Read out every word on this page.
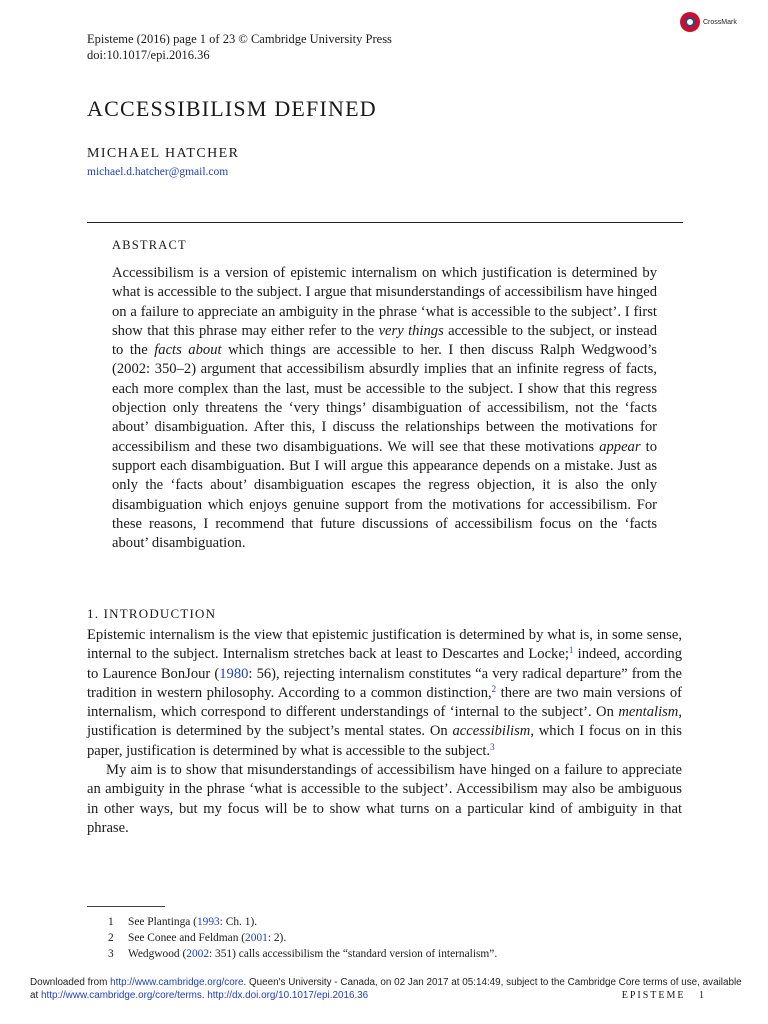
Episteme (2016) page 1 of 23 © Cambridge University Press
doi:10.1017/epi.2016.36
CrossMark
ACCESSIBILISM DEFINED
MICHAEL HATCHER
michael.d.hatcher@gmail.com
ABSTRACT

Accessibilism is a version of epistemic internalism on which justification is determined by what is accessible to the subject. I argue that misunderstandings of accessibilism have hinged on a failure to appreciate an ambiguity in the phrase ‘what is accessible to the subject’. I first show that this phrase may either refer to the very things accessible to the subject, or instead to the facts about which things are accessible to her. I then discuss Ralph Wedgwood’s (2002: 350–2) argument that accessibilism absurdly implies that an infinite regress of facts, each more complex than the last, must be accessible to the subject. I show that this regress objection only threatens the ‘very things’ disambiguation of accessibilism, not the ‘facts about’ disambiguation. After this, I discuss the relationships between the motivations for accessibilism and these two disambiguations. We will see that these motivations appear to support each disambiguation. But I will argue this appearance depends on a mistake. Just as only the ‘facts about’ disambiguation escapes the regress objection, it is also the only disambiguation which enjoys genuine support from the motivations for accessibilism. For these reasons, I recommend that future discussions of accessibilism focus on the ‘facts about’ disambiguation.

1. INTRODUCTION

Epistemic internalism is the view that epistemic justification is determined by what is, in some sense, internal to the subject. Internalism stretches back at least to Descartes and Locke;$^1$ indeed, according to Laurence BonJour (1980: 56), rejecting internalism constitutes “a very radical departure” from the tradition in western philosophy. According to a common distinction,$^2$ there are two main versions of internalism, which correspond to different understandings of ‘internal to the subject’. On mentalism, justification is determined by the subject’s mental states. On accessibilism, which I focus on in this paper, justification is determined by what is accessible to the subject.$^3$

My aim is to show that misunderstandings of accessibilism have hinged on a failure to appreciate an ambiguity in the phrase ‘what is accessible to the subject’. Accessibilism may also be ambiguous in other ways, but my focus will be to show what turns on a particular kind of ambiguity in that phrase.

1 See Plantinga (1993: Ch. 1).
2 See Conee and Feldman (2001: 2).
3 Wedgwood (2002: 351) calls accessibilism the “standard version of internalism”.
Downloaded from http://www.cambridge.org/core. Queen's University - Canada, on 02 Jan 2017 at 05:14:49, subject to the Cambridge Core terms of use, available at http://www.cambridge.org/core/terms. http://dx.doi.org/10.1017/epi.2016.36	EPISTEME 1
